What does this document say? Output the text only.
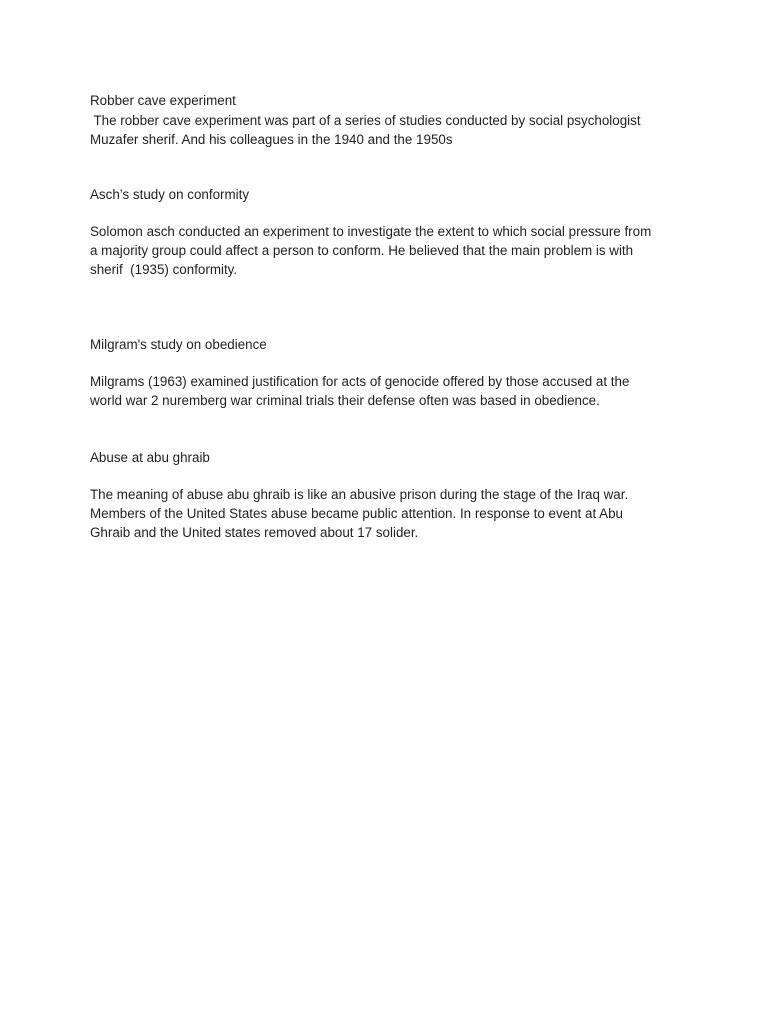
Robber cave experiment

The robber cave experiment was part of a series of studies conducted by social psychologist

Muzafer sherif. And his colleagues in the 1940 and the 1950s

Asch’s study on conformity

Solomon asch conducted an experiment to investigate the extent to which social pressure from

a majority group could affect a person to conform. He believed that the main problem is with

sherif  (1935) conformity.

Milgram's study on obedience

Milgrams (1963) examined justification for acts of genocide offered by those accused at the

world war 2 nuremberg war criminal trials their defense often was based in obedience.

Abuse at abu ghraib

The meaning of abuse abu ghraib is like an abusive prison during the stage of the Iraq war.

Members of the United States abuse became public attention. In response to event at Abu

Ghraib and the United states removed about 17 solider.
